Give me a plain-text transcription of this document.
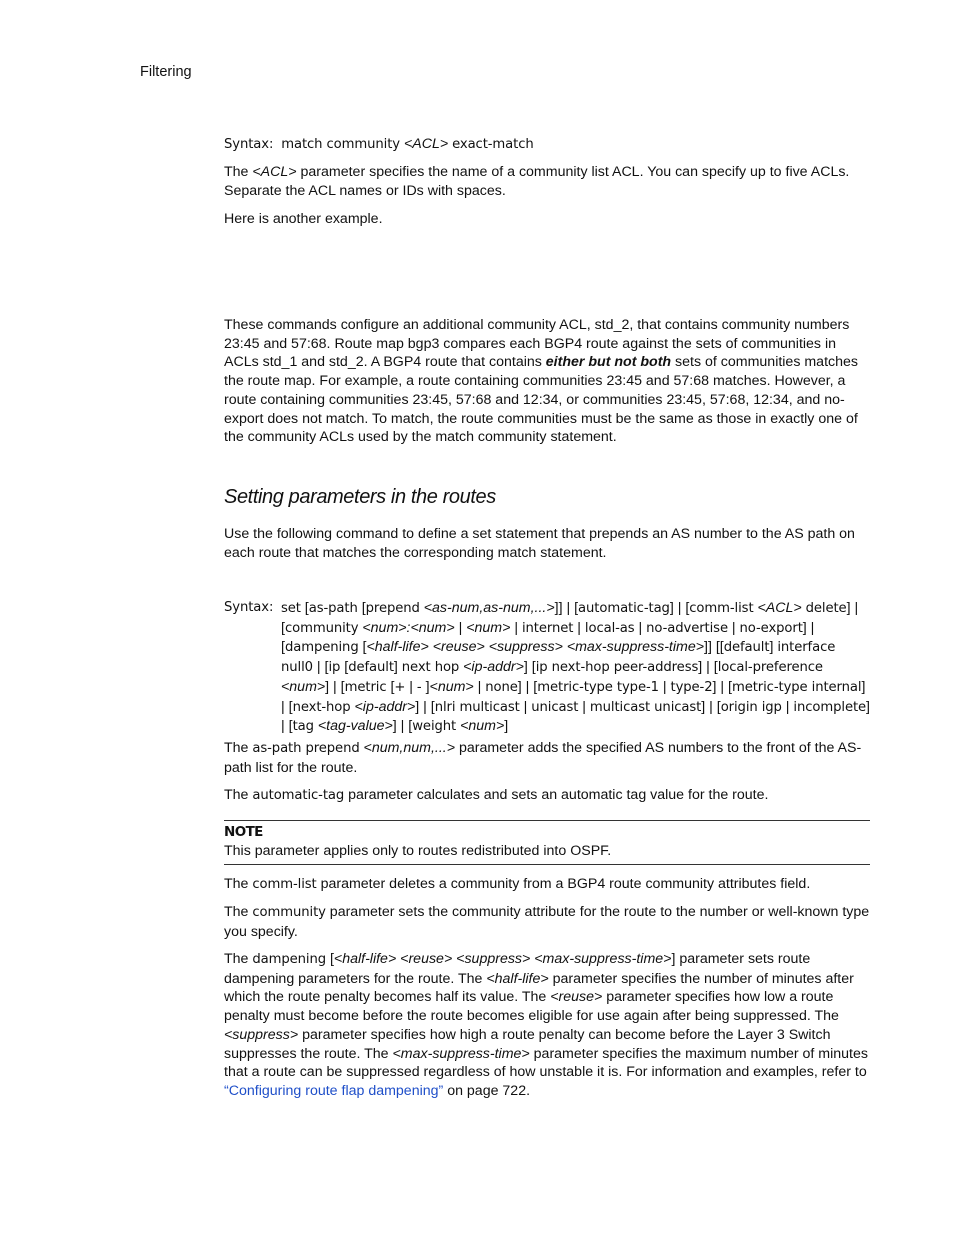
Filtering
Syntax: match community <ACL> exact-match

The <ACL> parameter specifies the name of a community list ACL. You can specify up to five ACLs. Separate the ACL names or IDs with spaces.

Here is another example.

These commands configure an additional community ACL, std_2, that contains community numbers 23:45 and 57:68. Route map bgp3 compares each BGP4 route against the sets of communities in ACLs std_1 and std_2. A BGP4 route that contains either but not both sets of communities matches the route map. For example, a route containing communities 23:45 and 57:68 matches. However, a route containing communities 23:45, 57:68 and 12:34, or communities 23:45, 57:68, 12:34, and no-export does not match. To match, the route communities must be the same as those in exactly one of the community ACLs used by the match community statement.

Setting parameters in the routes
Use the following command to define a set statement that prepends an AS number to the AS path on each route that matches the corresponding match statement.
Syntax: set [as-path [prepend <as-num,as-num,...>]] | [automatic-tag] | [comm-list <ACL> delete] | [community <num>:<num> | <num> | internet | local-as | no-advertise | no-export] | [dampening [<half-life> <reuse> <suppress> <max-suppress-time>]] [[default] interface null0 | [ip [default] next hop <ip-addr>] [ip next-hop peer-address] | [local-preference <num>] | [metric [+ | - ]<num> | none] | [metric-type type-1 | type-2] | [metric-type internal] | [next-hop <ip-addr>] | [nlri multicast | unicast | multicast unicast] | [origin igp | incomplete] | [tag <tag-value>] | [weight <num>]

The as-path prepend <num,num,...> parameter adds the specified AS numbers to the front of the AS-path list for the route.

The automatic-tag parameter calculates and sets an automatic tag value for the route.

NOTE
This parameter applies only to routes redistributed into OSPF.

The comm-list parameter deletes a community from a BGP4 route community attributes field.

The community parameter sets the community attribute for the route to the number or well-known type you specify.

The dampening [<half-life> <reuse> <suppress> <max-suppress-time>] parameter sets route dampening parameters for the route. The <half-life> parameter specifies the number of minutes after which the route penalty becomes half its value. The <reuse> parameter specifies how low a route penalty must become before the route becomes eligible for use again after being suppressed. The <suppress> parameter specifies how high a route penalty can become before the Layer 3 Switch suppresses the route. The <max-suppress-time> parameter specifies the maximum number of minutes that a route can be suppressed regardless of how unstable it is. For information and examples, refer to “Configuring route flap dampening” on page 722.
